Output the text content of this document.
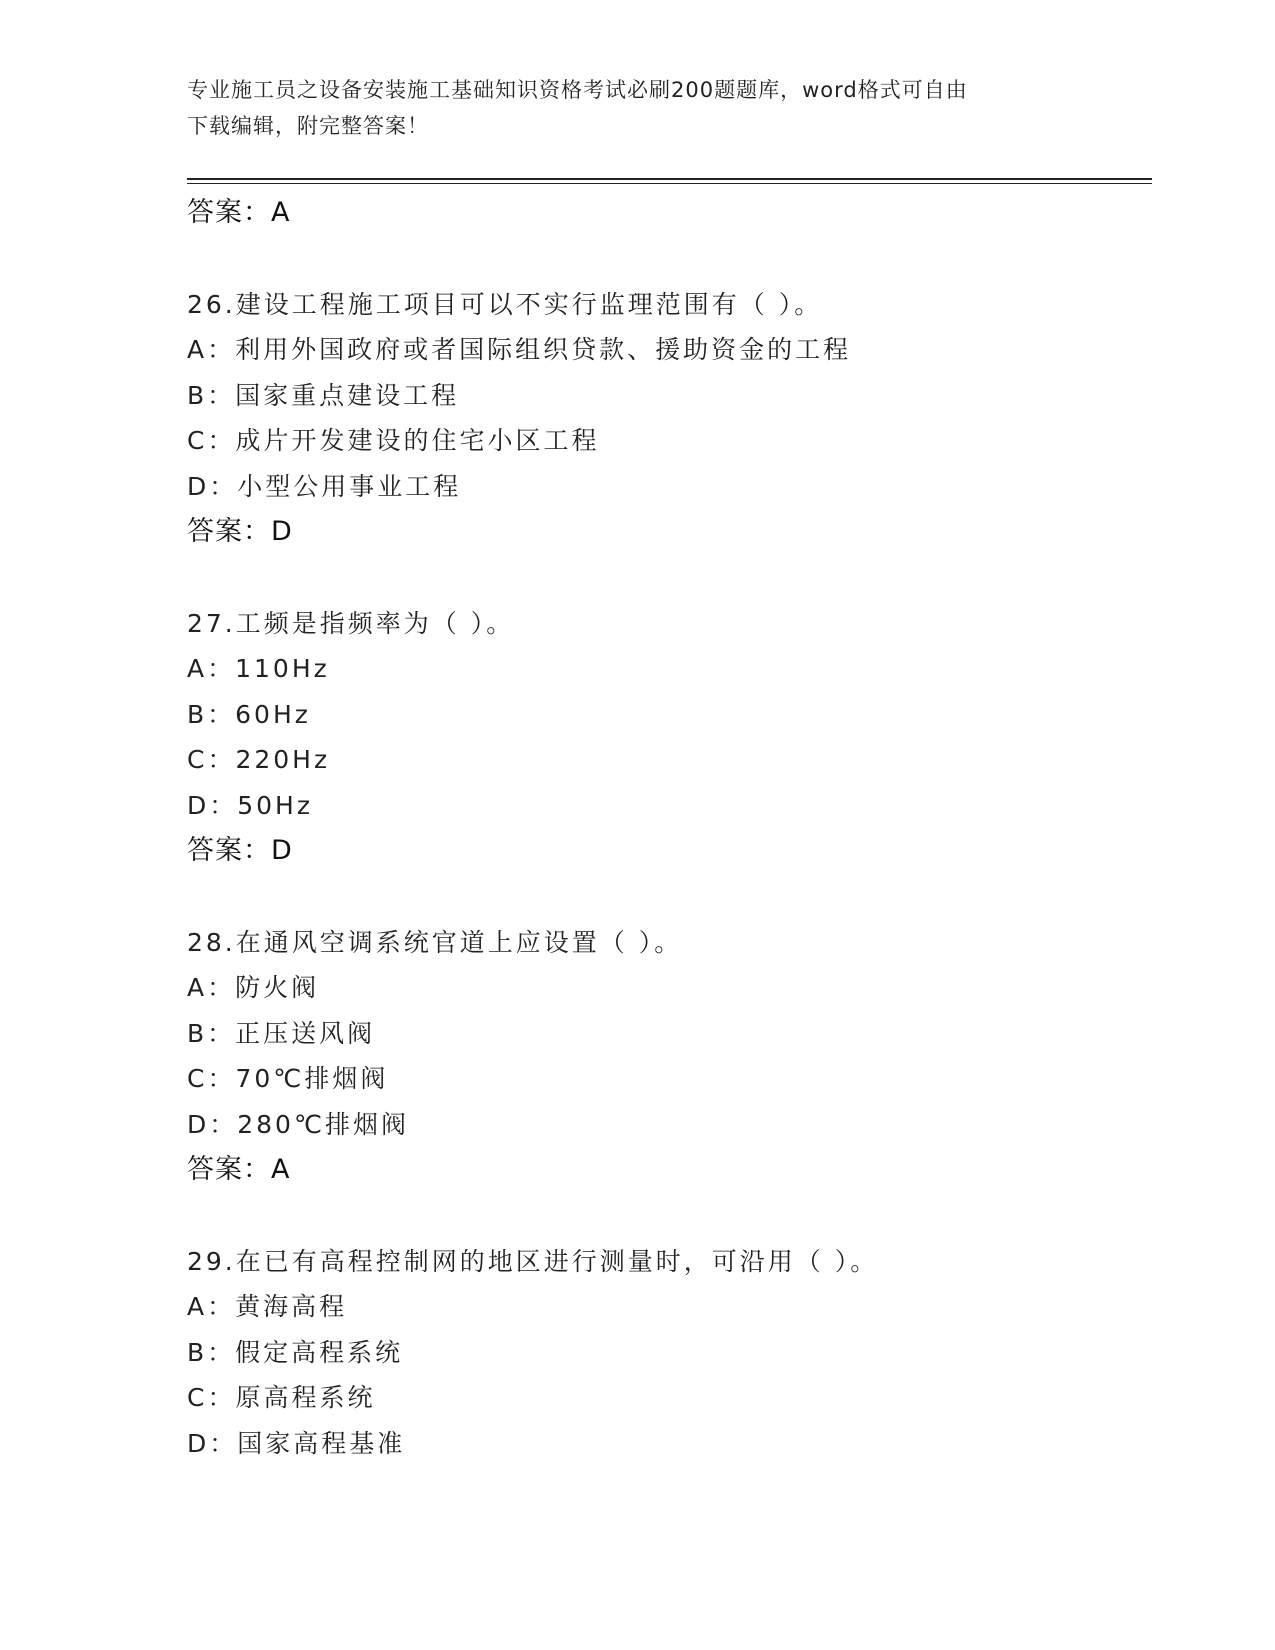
专业施工员之设备安装施工基础知识资格考试必刷200题题库，word格式可自由
下载编辑，附完整答案！
答案：A
26.建设工程施工项目可以不实行监理范围有（ ）。
A：利用外国政府或者国际组织贷款、援助资金的工程
B：国家重点建设工程
C：成片开发建设的住宅小区工程
D：小型公用事业工程
答案：D
27.工频是指频率为（ ）。
A：110Hz
B：60Hz
C：220Hz
D：50Hz
答案：D
28.在通风空调系统官道上应设置（ ）。
A：防火阀
B：正压送风阀
C：70℃排烟阀
D：280℃排烟阀
答案：A
29.在已有高程控制网的地区进行测量时，可沿用（ ）。
A：黄海高程
B：假定高程系统
C：原高程系统
D：国家高程基准
